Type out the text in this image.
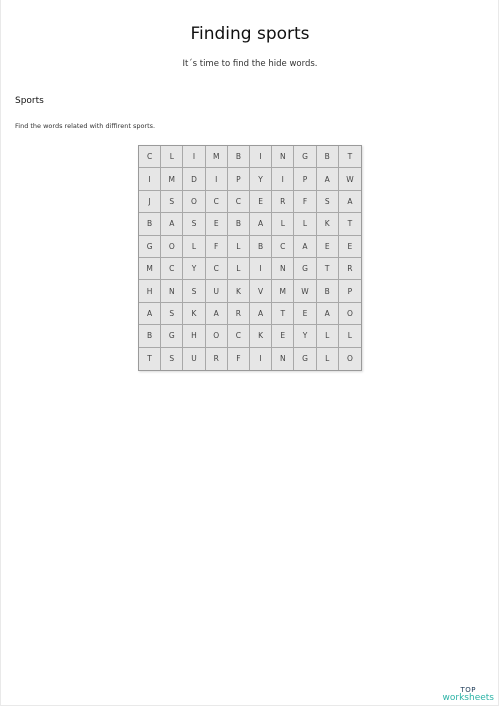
Finding sports
It´s time to find the hide words.
Sports
Find the words related with diffirent sports.
C	L	I	M	B	I	N	G	B	T
I	M	D	I	P	Y	I	P	A	W
J	S	O	C	C	E	R	F	S	A
B	A	S	E	B	A	L	L	K	T
G	O	L	F	L	B	C	A	E	E
M	C	Y	C	L	I	N	G	T	R
H	N	S	U	K	V	M	W	B	P
A	S	K	A	R	A	T	E	A	O
B	G	H	O	C	K	E	Y	L	L
T	S	U	R	F	I	N	G	L	O
TOP
worksheets
